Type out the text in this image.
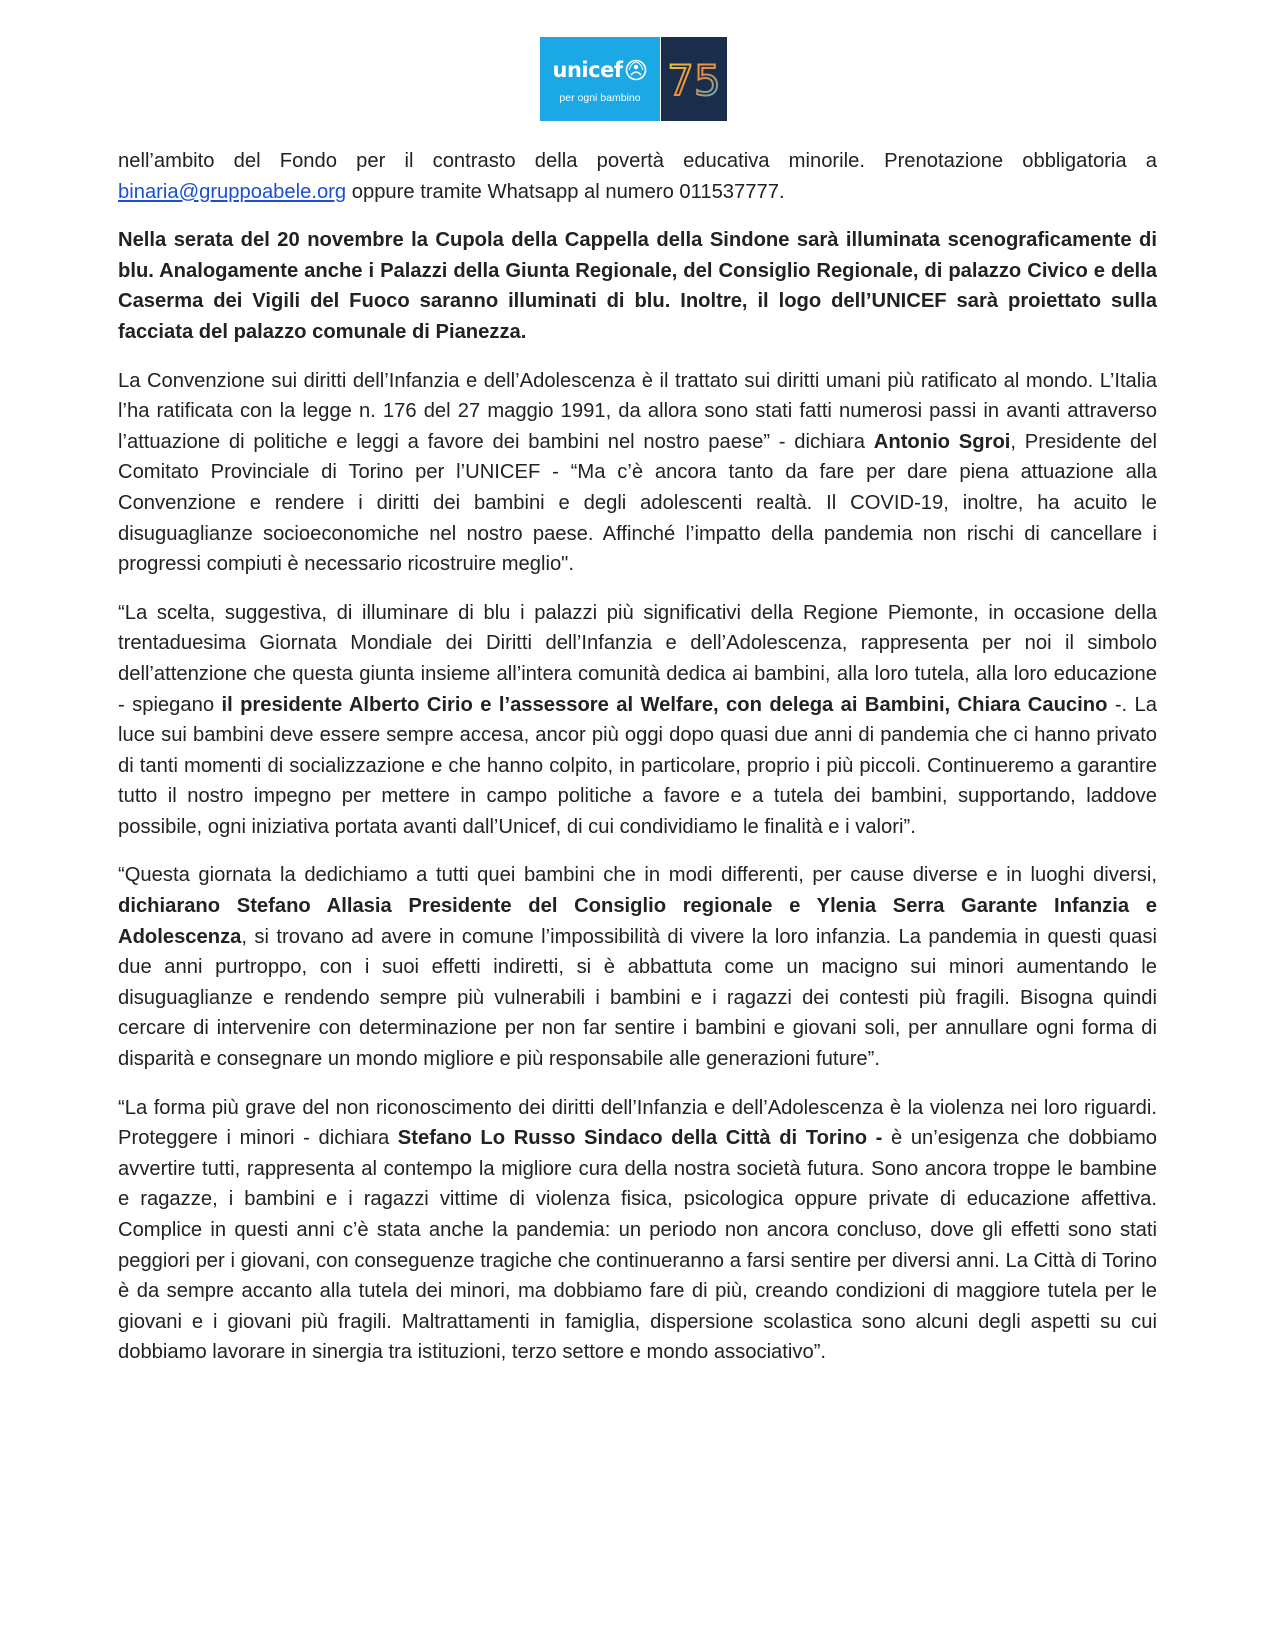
unicef
per ogni bambino 75

nell’ambito del Fondo per il contrasto della povertà educativa minorile. Prenotazione obbligatoria a binaria@gruppoabele.org oppure tramite Whatsapp al numero 011537777.

Nella serata del 20 novembre la Cupola della Cappella della Sindone sarà illuminata scenograficamente di blu. Analogamente anche i Palazzi della Giunta Regionale, del Consiglio Regionale, di palazzo Civico e della Caserma dei Vigili del Fuoco saranno illuminati di blu. Inoltre, il logo dell’UNICEF sarà proiettato sulla facciata del palazzo comunale di Pianezza.

La Convenzione sui diritti dell’Infanzia e dell’Adolescenza è il trattato sui diritti umani più ratificato al mondo. L’Italia l’ha ratificata con la legge n. 176 del 27 maggio 1991, da allora sono stati fatti numerosi passi in avanti attraverso l’attuazione di politiche e leggi a favore dei bambini nel nostro paese” - dichiara Antonio Sgroi, Presidente del Comitato Provinciale di Torino per l’UNICEF - “Ma c’è ancora tanto da fare per dare piena attuazione alla Convenzione e rendere i diritti dei bambini e degli adolescenti realtà. Il COVID-19, inoltre, ha acuito le disuguaglianze socioeconomiche nel nostro paese. Affinché l’impatto della pandemia non rischi di cancellare i progressi compiuti è necessario ricostruire meglio".

“La scelta, suggestiva, di illuminare di blu i palazzi più significativi della Regione Piemonte, in occasione della trentaduesima Giornata Mondiale dei Diritti dell’Infanzia e dell’Adolescenza, rappresenta per noi il simbolo dell’attenzione che questa giunta insieme all’intera comunità dedica ai bambini, alla loro tutela, alla loro educazione - spiegano il presidente Alberto Cirio e l’assessore al Welfare, con delega ai Bambini, Chiara Caucino -. La luce sui bambini deve essere sempre accesa, ancor più oggi dopo quasi due anni di pandemia che ci hanno privato di tanti momenti di socializzazione e che hanno colpito, in particolare, proprio i più piccoli. Continueremo a garantire tutto il nostro impegno per mettere in campo politiche a favore e a tutela dei bambini, supportando, laddove possibile, ogni iniziativa portata avanti dall’Unicef, di cui condividiamo le finalità e i valori”.

“Questa giornata la dedichiamo a tutti quei bambini che in modi differenti, per cause diverse e in luoghi diversi, dichiarano Stefano Allasia Presidente del Consiglio regionale e Ylenia Serra Garante Infanzia e Adolescenza, si trovano ad avere in comune l’impossibilità di vivere la loro infanzia. La pandemia in questi quasi due anni purtroppo, con i suoi effetti indiretti, si è abbattuta come un macigno sui minori aumentando le disuguaglianze e rendendo sempre più vulnerabili i bambini e i ragazzi dei contesti più fragili. Bisogna quindi cercare di intervenire con determinazione per non far sentire i bambini e giovani soli, per annullare ogni forma di disparità e consegnare un mondo migliore e più responsabile alle generazioni future”.

“La forma più grave del non riconoscimento dei diritti dell’Infanzia e dell’Adolescenza è la violenza nei loro riguardi. Proteggere i minori - dichiara Stefano Lo Russo Sindaco della Città di Torino - è un’esigenza che dobbiamo avvertire tutti, rappresenta al contempo la migliore cura della nostra società futura. Sono ancora troppe le bambine e ragazze, i bambini e i ragazzi vittime di violenza fisica, psicologica oppure private di educazione affettiva. Complice in questi anni c’è stata anche la pandemia: un periodo non ancora concluso, dove gli effetti sono stati peggiori per i giovani, con conseguenze tragiche che continueranno a farsi sentire per diversi anni. La Città di Torino è da sempre accanto alla tutela dei minori, ma dobbiamo fare di più, creando condizioni di maggiore tutela per le giovani e i giovani più fragili. Maltrattamenti in famiglia, dispersione scolastica sono alcuni degli aspetti su cui dobbiamo lavorare in sinergia tra istituzioni, terzo settore e mondo associativo”.
